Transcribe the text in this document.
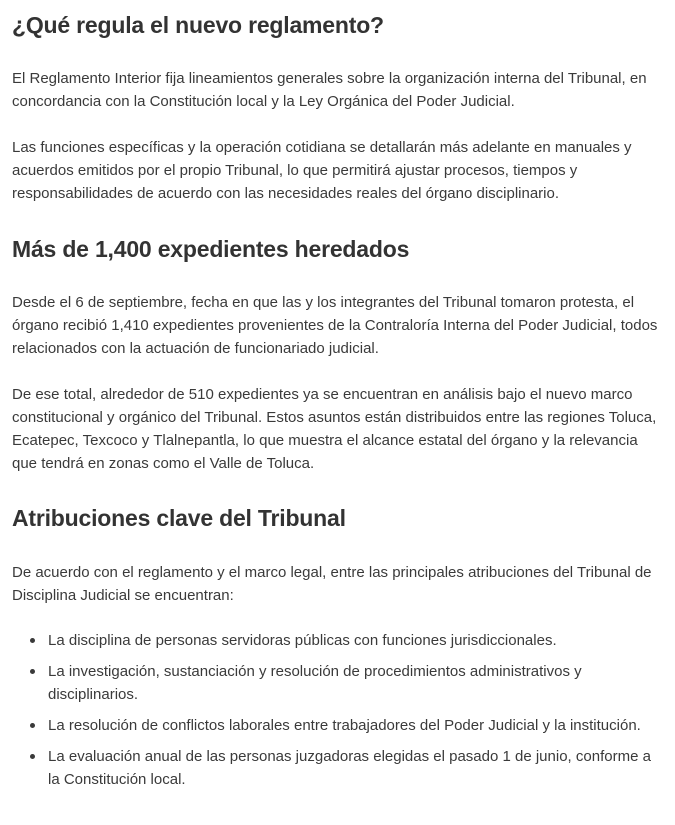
¿Qué regula el nuevo reglamento?

El Reglamento Interior fija lineamientos generales sobre la organización interna del Tribunal, en concordancia con la Constitución local y la Ley Orgánica del Poder Judicial.

Las funciones específicas y la operación cotidiana se detallarán más adelante en manuales y acuerdos emitidos por el propio Tribunal, lo que permitirá ajustar procesos, tiempos y responsabilidades de acuerdo con las necesidades reales del órgano disciplinario.

Más de 1,400 expedientes heredados

Desde el 6 de septiembre, fecha en que las y los integrantes del Tribunal tomaron protesta, el órgano recibió 1,410 expedientes provenientes de la Contraloría Interna del Poder Judicial, todos relacionados con la actuación de funcionariado judicial.

De ese total, alrededor de 510 expedientes ya se encuentran en análisis bajo el nuevo marco constitucional y orgánico del Tribunal. Estos asuntos están distribuidos entre las regiones Toluca, Ecatepec, Texcoco y Tlalnepantla, lo que muestra el alcance estatal del órgano y la relevancia que tendrá en zonas como el Valle de Toluca.

Atribuciones clave del Tribunal

De acuerdo con el reglamento y el marco legal, entre las principales atribuciones del Tribunal de Disciplina Judicial se encuentran:

La disciplina de personas servidoras públicas con funciones jurisdiccionales.
La investigación, sustanciación y resolución de procedimientos administrativos y disciplinarios.
La resolución de conflictos laborales entre trabajadores del Poder Judicial y la institución.
La evaluación anual de las personas juzgadoras elegidas el pasado 1 de junio, conforme a la Constitución local.
